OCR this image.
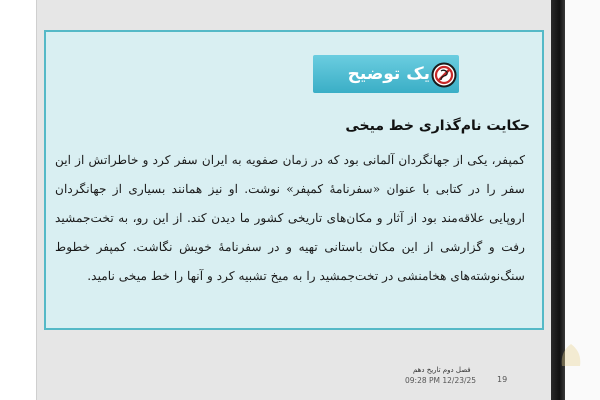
یک توضیح
حکایت نام‌گذاری خط میخی
کمپفر، یکی از جهانگردان آلمانی بود که در زمان صفویه به ایران سفر کرد و خاطراتش از این سفر را در کتابی با عنوان «سفرنامهٔ کمپفر» نوشت. او نیز همانند بسیاری از جهانگردان اروپایی علاقه‌مند بود از آثار و مکان‌های تاریخی کشور ما دیدن کند. از این رو، به تخت‌جمشید رفت و گزارشی از این مکان باستانی تهیه و در سفرنامهٔ خویش نگاشت. کمپفر خطوط سنگ‌نوشته‌های هخامنشی در تخت‌جمشید را به میخ تشبیه کرد و آنها را خط میخی نامید.
فصل دوم تاریخ دهم
09:28 PM 12/23/25	19
